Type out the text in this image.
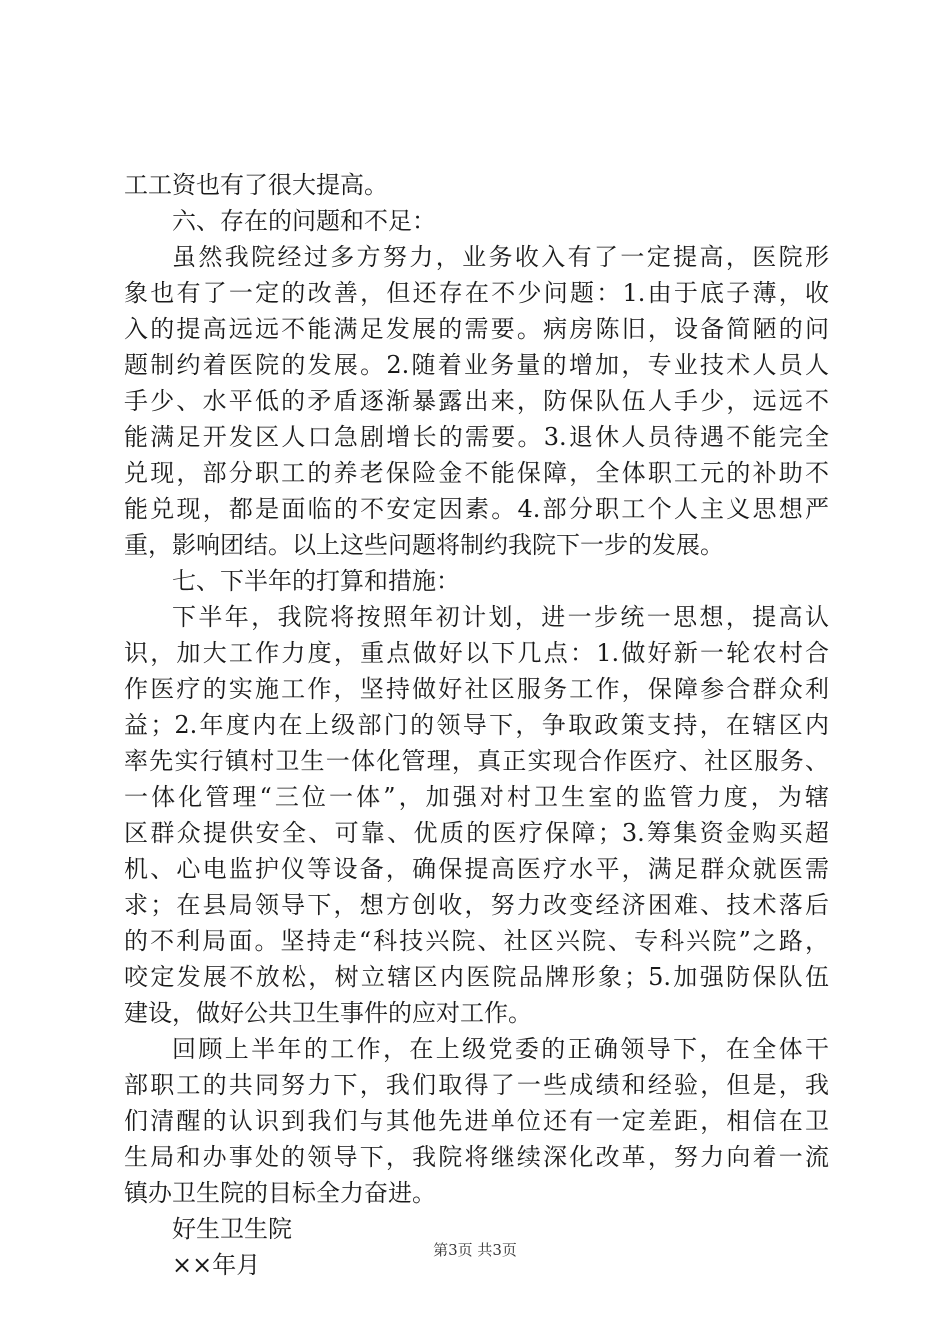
工工资也有了很大提高。
六、存在的问题和不足：
虽然我院经过多方努力，业务收入有了一定提高，医院形
象也有了一定的改善，但还存在不少问题：1.由于底子薄，收
入的提高远远不能满足发展的需要。病房陈旧，设备简陋的问
题制约着医院的发展。2.随着业务量的增加，专业技术人员人
手少、水平低的矛盾逐渐暴露出来，防保队伍人手少，远远不
能满足开发区人口急剧增长的需要。3.退休人员待遇不能完全
兑现，部分职工的养老保险金不能保障，全体职工元的补助不
能兑现，都是面临的不安定因素。4.部分职工个人主义思想严
重，影响团结。以上这些问题将制约我院下一步的发展。
七、下半年的打算和措施：
下半年，我院将按照年初计划，进一步统一思想，提高认
识，加大工作力度，重点做好以下几点：1.做好新一轮农村合
作医疗的实施工作，坚持做好社区服务工作，保障参合群众利
益；2.年度内在上级部门的领导下，争取政策支持，在辖区内
率先实行镇村卫生一体化管理，真正实现合作医疗、社区服务、
一体化管理“三位一体”，加强对村卫生室的监管力度，为辖
区群众提供安全、可靠、优质的医疗保障；3.筹集资金购买超
机、心电监护仪等设备，确保提高医疗水平，满足群众就医需
求；在县局领导下，想方创收，努力改变经济困难、技术落后
的不利局面。坚持走“科技兴院、社区兴院、专科兴院”之路，
咬定发展不放松，树立辖区内医院品牌形象；5.加强防保队伍
建设，做好公共卫生事件的应对工作。
回顾上半年的工作，在上级党委的正确领导下，在全体干
部职工的共同努力下，我们取得了一些成绩和经验，但是，我
们清醒的认识到我们与其他先进单位还有一定差距，相信在卫
生局和办事处的领导下，我院将继续深化改革，努力向着一流
镇办卫生院的目标全力奋进。
好生卫生院
××年月
第3页 共3页
